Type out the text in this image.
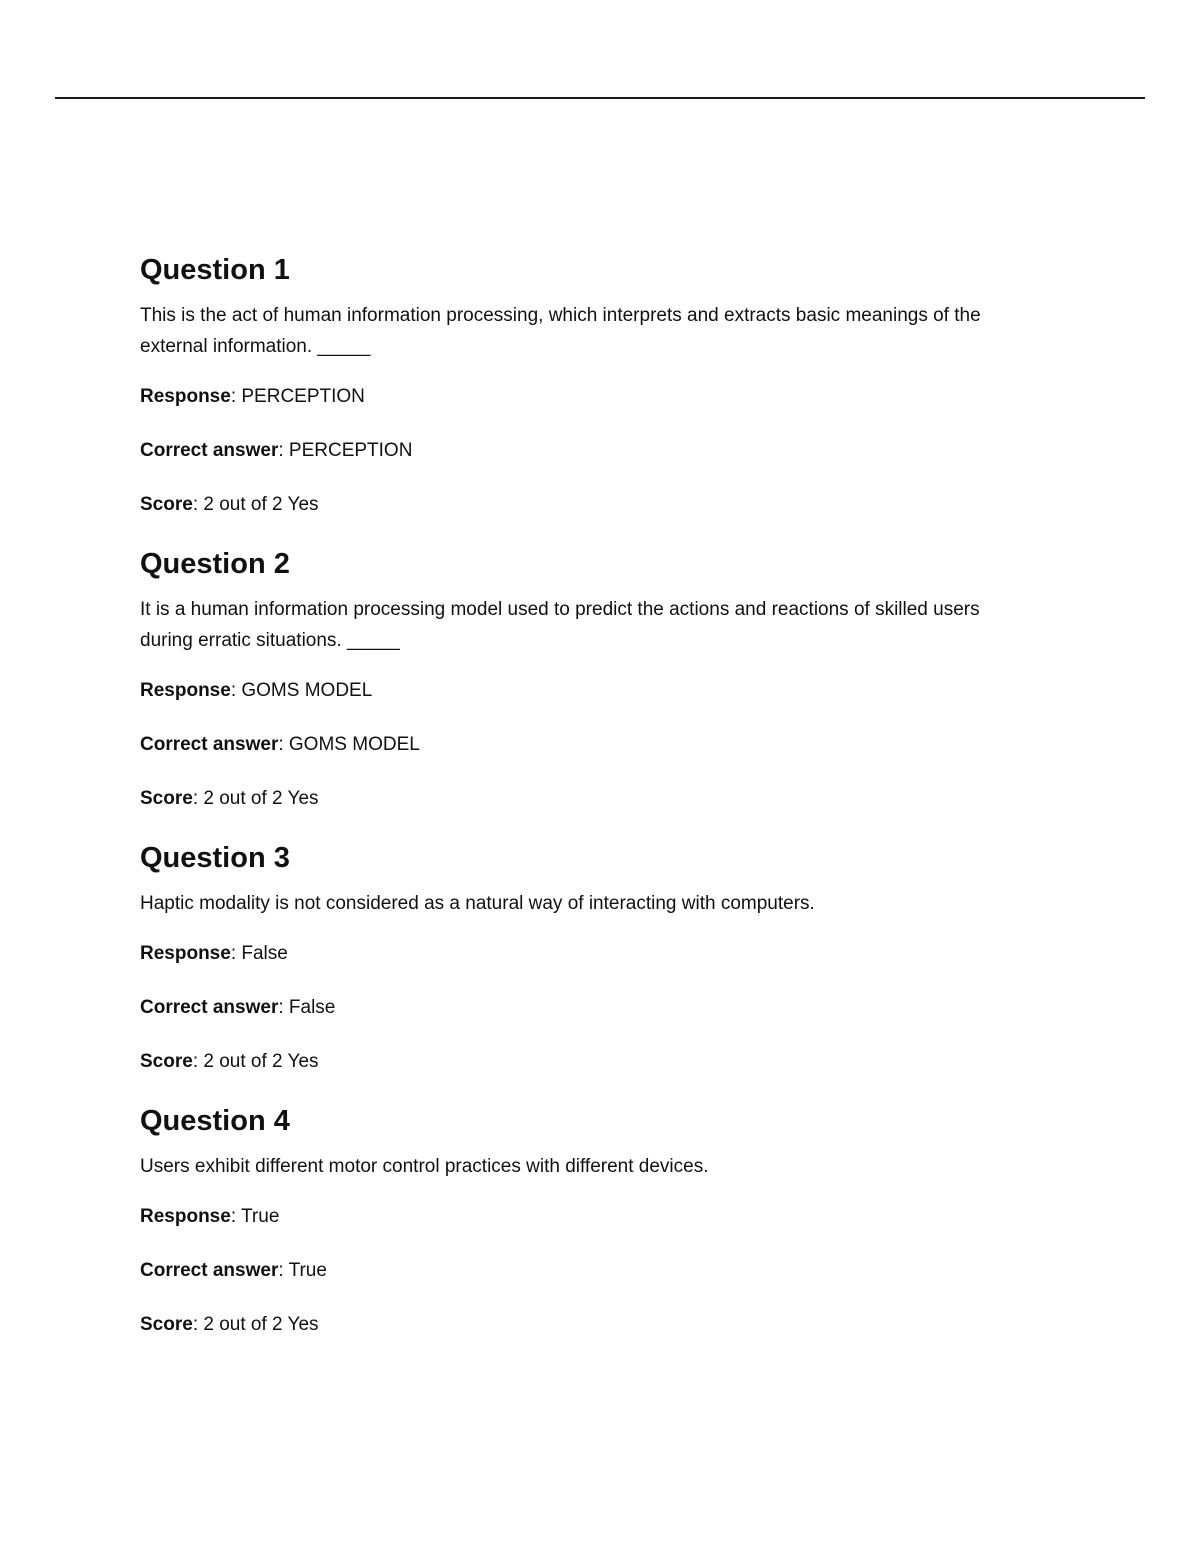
Question 1

This is the act of human information processing, which interprets and extracts basic meanings of the external information. _____

Response: PERCEPTION

Correct answer: PERCEPTION

Score: 2 out of 2 Yes

Question 2

It is a human information processing model used to predict the actions and reactions of skilled users during erratic situations. _____

Response: GOMS MODEL

Correct answer: GOMS MODEL

Score: 2 out of 2 Yes

Question 3

Haptic modality is not considered as a natural way of interacting with computers.

Response: False

Correct answer: False

Score: 2 out of 2 Yes

Question 4

Users exhibit different motor control practices with different devices.

Response: True

Correct answer: True

Score: 2 out of 2 Yes
